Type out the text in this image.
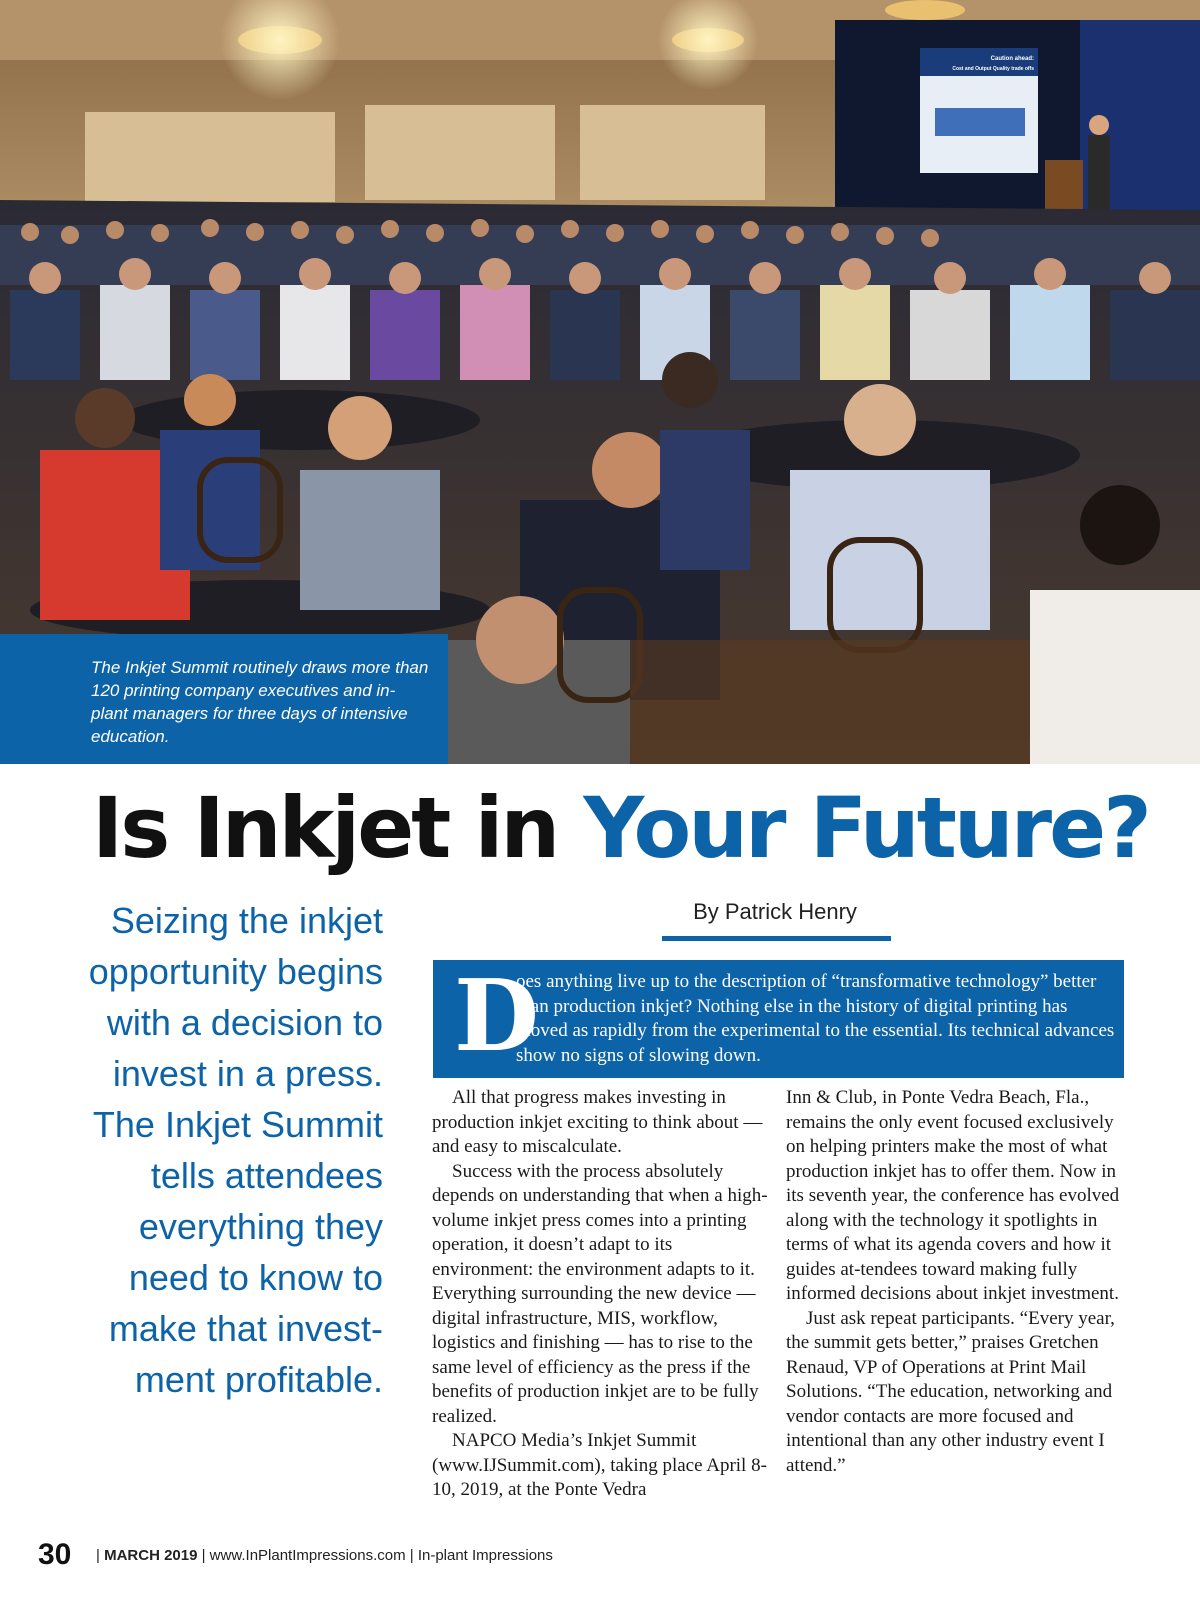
Caution ahead:
Cost and Output Quality trade offs
The Inkjet Summit routinely draws more than 120 printing company executives and in-plant managers for three days of intensive education.
Is Inkjet in Your Future?
Seizing the inkjet opportunity begins with a decision to invest in a press. The Inkjet Summit tells attendees everything they need to know to make that invest-ment profitable.
By Patrick Henry
D
oes anything live up to the description of “transformative technology” better than production inkjet? Nothing else in the history of digital printing has moved as rapidly from the experimental to the essential. Its technical advances show no signs of slowing down.

All that progress makes investing in production inkjet exciting to think about — and easy to miscalculate.

Success with the process absolutely depends on understanding that when a high-volume inkjet press comes into a printing operation, it doesn’t adapt to its environment: the environment adapts to it. Everything surrounding the new device — digital infrastructure, MIS, workflow, logistics and finishing — has to rise to the same level of efficiency as the press if the benefits of production inkjet are to be fully realized.

NAPCO Media’s Inkjet Summit (www.IJSummit.com), taking place April 8-10, 2019, at the Ponte Vedra

Inn & Club, in Ponte Vedra Beach, Fla., remains the only event focused exclusively on helping printers make the most of what production inkjet has to offer them. Now in its seventh year, the conference has evolved along with the technology it spotlights in terms of what its agenda covers and how it guides at-tendees toward making fully informed decisions about inkjet investment.

Just ask repeat participants. “Every year, the summit gets better,” praises Gretchen Renaud, VP of Operations at Print Mail Solutions. “The education, networking and vendor contacts are more focused and intentional than any other industry event I attend.”

30 | MARCH 2019 | www.InPlantImpressions.com | In-plant Impressions
